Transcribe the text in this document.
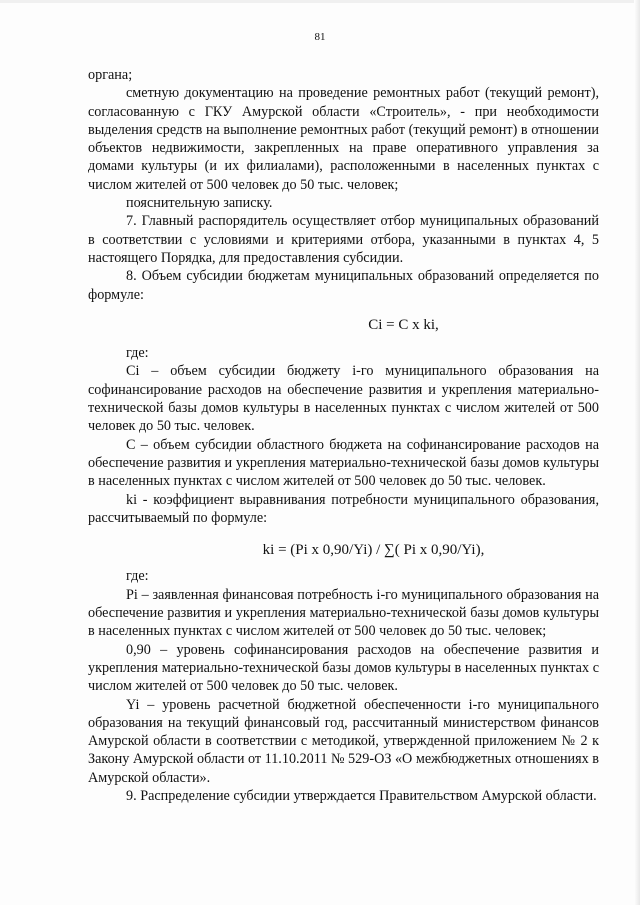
81

органа;

сметную документацию на проведение ремонтных работ (текущий ремонт), согласованную с ГКУ Амурской области «Строитель», - при необходимости выделения средств на выполнение ремонтных работ (текущий ремонт) в отношении объектов недвижимости, закрепленных на праве оперативного управления за домами культуры (и их филиалами), расположенными в населенных пунктах с числом жителей от 500 человек до 50 тыс. человек;

пояснительную записку.

7. Главный распорядитель осуществляет отбор муниципальных образований в соответствии с условиями и критериями отбора, указанными в пунктах 4, 5 настоящего Порядка, для предоставления субсидии.

8. Объем субсидии бюджетам муниципальных образований определяется по формуле:

Ci = C x ki,

где:

Ci – объем субсидии бюджету i-го муниципального образования на софинансирование расходов на обеспечение развития и укрепления материально-технической базы домов культуры в населенных пунктах с числом жителей от 500 человек до 50 тыс. человек.

С – объем субсидии областного бюджета на софинансирование расходов на обеспечение развития и укрепления материально-технической базы домов культуры в населенных пунктах с числом жителей от 500 человек до 50 тыс. человек.

ki - коэффициент выравнивания потребности муниципального образования, рассчитываемый по формуле:

ki = (Pi x 0,90/Yi) / ∑( Pi x 0,90/Yi),

где:

Pi – заявленная финансовая потребность i-го муниципального образования на обеспечение развития и укрепления материально-технической базы домов культуры в населенных пунктах с числом жителей от 500 человек до 50 тыс. человек;

0,90 – уровень софинансирования расходов на обеспечение развития и укрепления материально-технической базы домов культуры в населенных пунктах с числом жителей от 500 человек до 50 тыс. человек.

Yi – уровень расчетной бюджетной обеспеченности i-го муниципального образования на текущий финансовый год, рассчитанный министерством финансов Амурской области в соответствии с методикой, утвержденной приложением № 2 к Закону Амурской области от 11.10.2011 № 529-ОЗ «О межбюджетных отношениях в Амурской области».

9. Распределение субсидии утверждается Правительством Амурской области.
